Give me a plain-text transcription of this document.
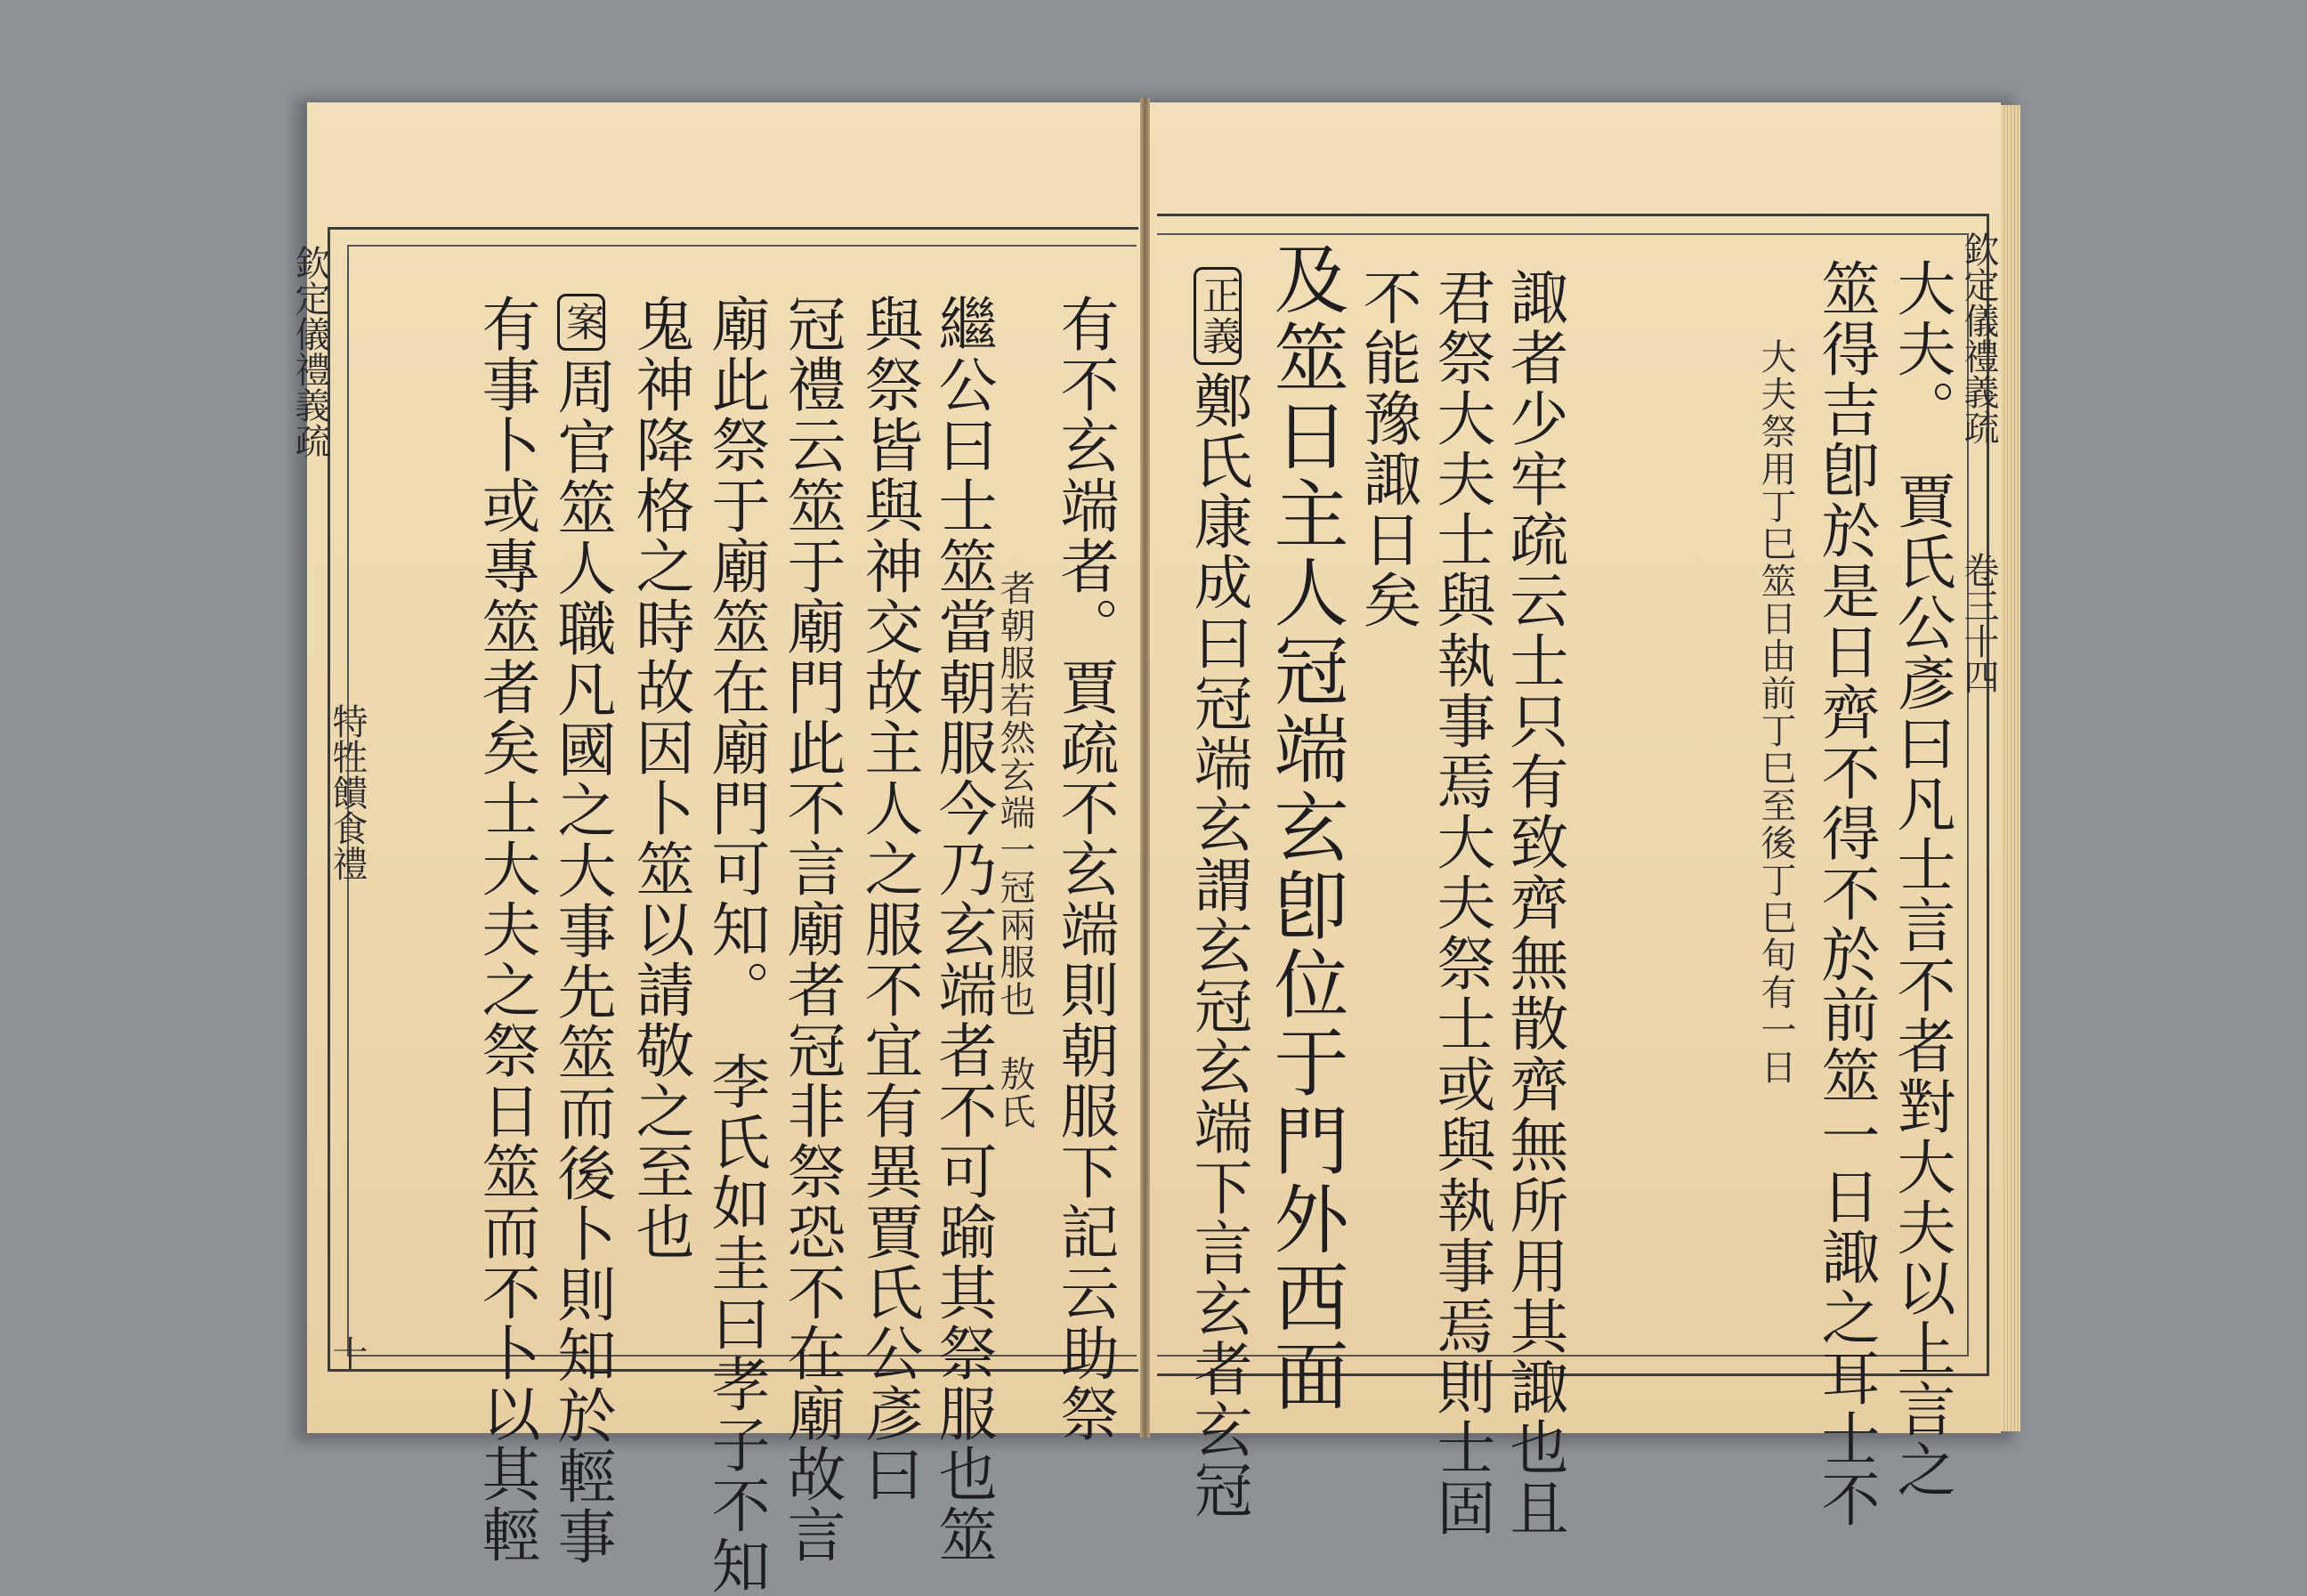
大夫。　賈氏公彥曰凡士言不者對大夫以上言之
大夫祭用丁巳筮日由前丁巳至後丁巳旬有一日 筮得吉卽於是日齊不得不於前筮一日諏之耳士不
諏者少牢疏云士只有致齊無散齊無所用其諏也且
君祭大夫士與執事焉大夫祭士或與執事焉則士固
不能豫諏日矣
及筮日主人冠端玄卽位于門外西面
正義鄭氏康成曰冠端玄謂玄冠玄端下言玄者玄冠
欽定儀禮義疏
卷三十四
欽定儀禮義疏
特牲饋食禮
十	有不玄端者。賈疏不玄端則朝服下記云助祭
者朝服若然玄端一冠兩服也　敖氏
繼公曰士筮當朝服今乃玄端者不可踰其祭服也筮
與祭皆與神交故主人之服不宜有異賈氏公彥曰
冠禮云筮于廟門此不言廟者冠非祭恐不在廟故言
廟此祭于廟筮在廟門可知。　李氏如圭曰孝子不知
鬼神降格之時故因卜筮以請敬之至也
案周官筮人職凡國之大事先筮而後卜則知於輕事
有事卜或專筮者矣士大夫之祭日筮而不卜以其輕
